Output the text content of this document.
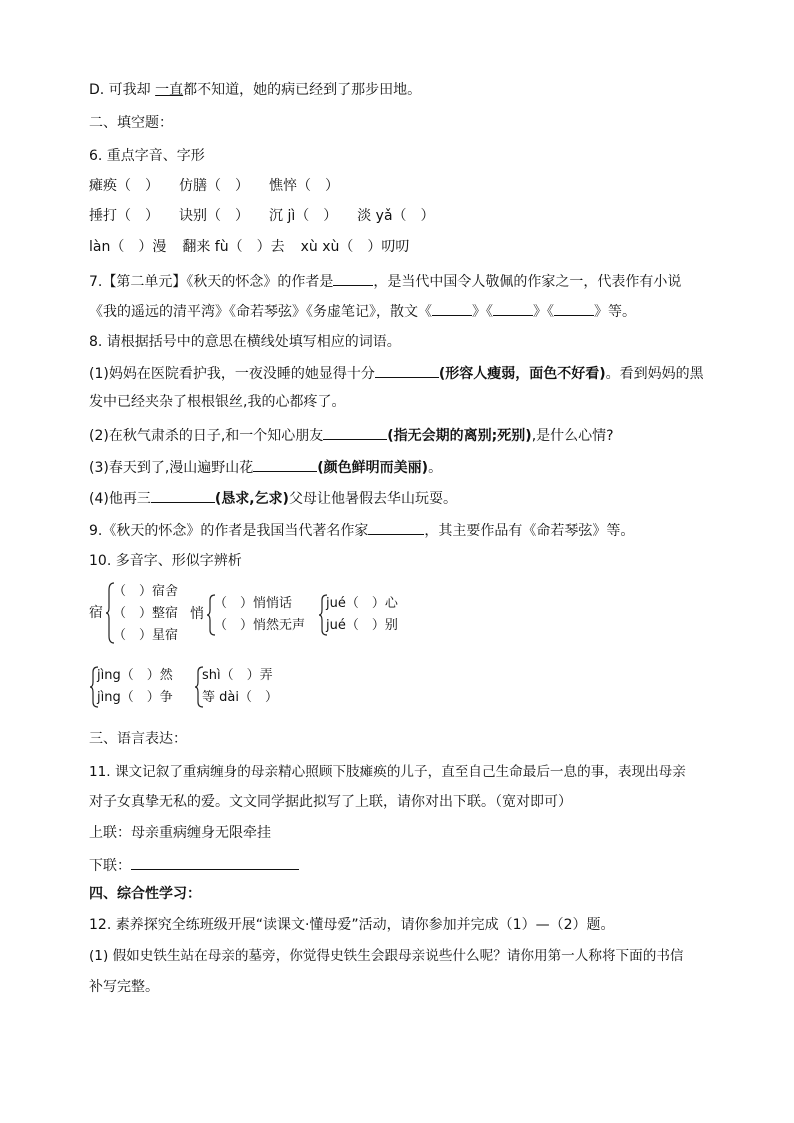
D. 可我却 一直都不知道，她的病已经到了那步田地。
二、填空题：
6. 重点字音、字形
瘫痪（　） 仿膳（　） 憔悴（　）
捶打（　） 诀别（　） 沉 jì（　） 淡 yǎ（　）
làn（　）漫 翻来 fù（　）去 xù xù（　）叨叨
7.【第二单元】《秋天的怀念》的作者是	，是当代中国令人敬佩的作家之一，代表作有小说
《我的遥远的清平湾》《命若琴弦》《务虚笔记》，散文《	》《	》《	》等。
8. 请根据括号中的意思在横线处填写相应的词语。
(1)妈妈在医院看护我，一夜没睡的她显得十分	(形容人瘦弱，面色不好看)。看到妈妈的黑
发中已经夹杂了根根银丝,我的心都疼了。
(2)在秋气肃杀的日子,和一个知心朋友	(指无会期的离别;死别),是什么心情?
(3)春天到了,漫山遍野山花	(颜色鲜明而美丽)。
(4)他再三	(恳求,乞求)父母让他暑假去华山玩耍。
9.《秋天的怀念》的作者是我国当代著名作家	，其主要作品有《命若琴弦》等。
10. 多音字、形似字辨析
宿
（　）宿舍
（　）整宿
（　）星宿
悄
（　）悄悄话
（　）悄然无声
jué（　）心
jué（　）别
jìng（　）然
jìng（　）争
shì（　）弄
等 dài（　）
三、语言表达：
11. 课文记叙了重病缠身的母亲精心照顾下肢瘫痪的儿子，直至自己生命最后一息的事，表现出母亲
对子女真挚无私的爱。文文同学据此拟写了上联，请你对出下联。（宽对即可）
上联：母亲重病缠身无限牵挂
下联：
四、综合性学习：
12. 素养探究全练班级开展“读课文·懂母爱”活动，请你参加并完成（1）—（2）题。
(1) 假如史铁生站在母亲的墓旁，你觉得史铁生会跟母亲说些什么呢？请你用第一人称将下面的书信
补写完整。
